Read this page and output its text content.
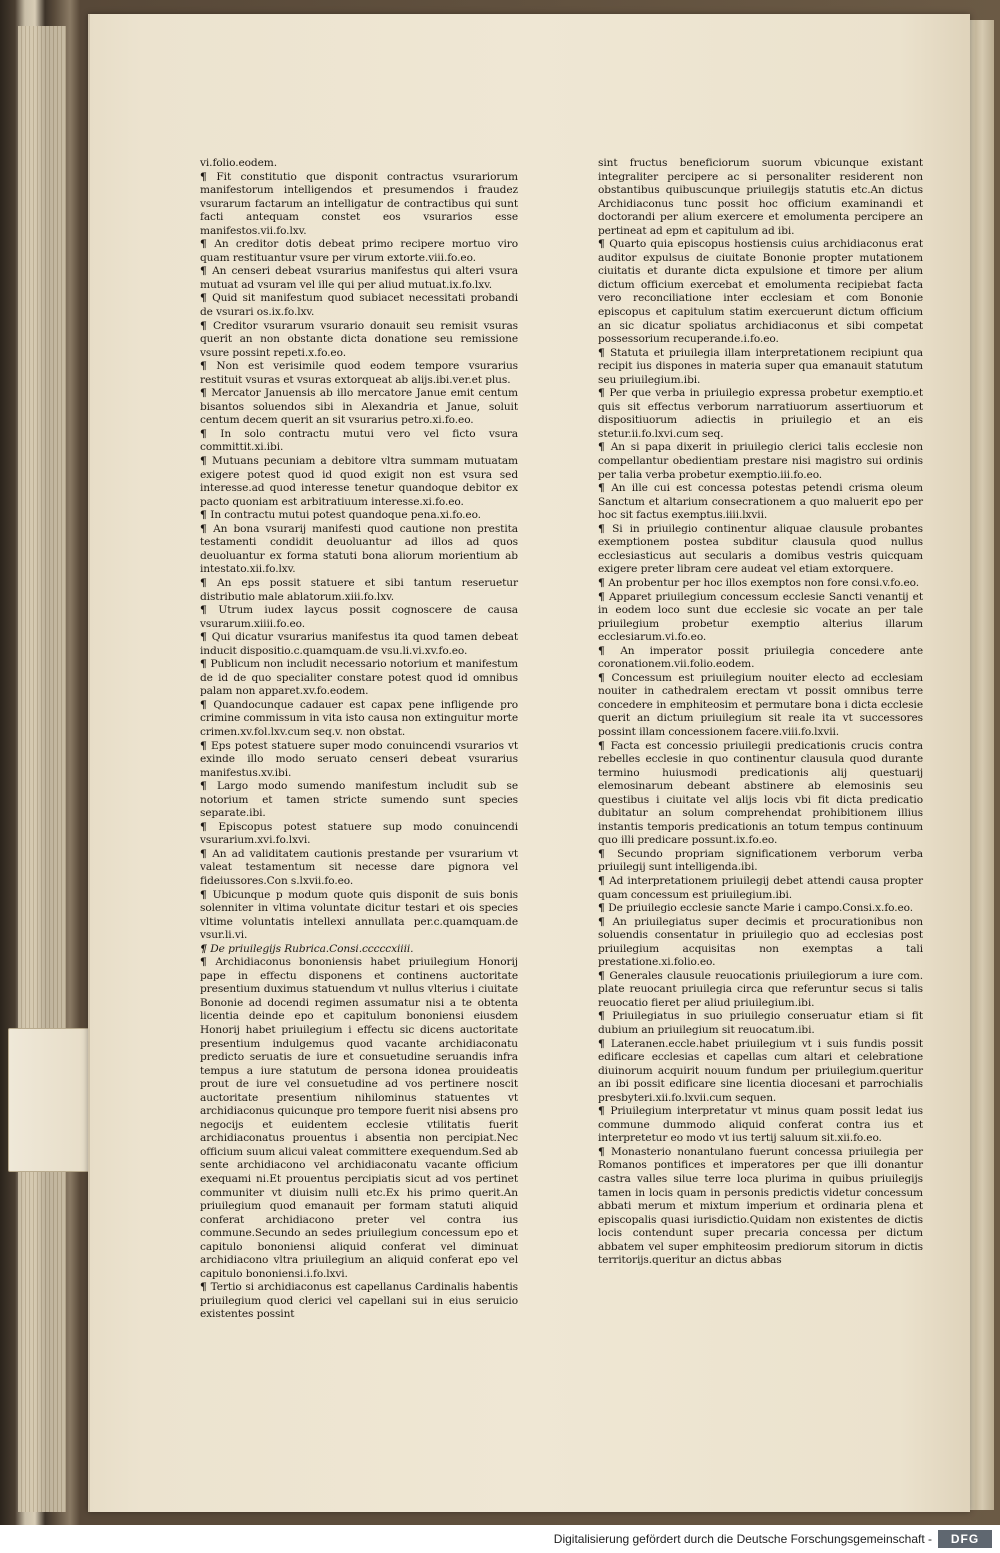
vi.folio.eodem.

¶ Fit constitutio que disponit contractus vsurariorum manifestorum intelligendos et presumendos i fraudez vsurarum factarum an intelligatur de contractibus qui sunt facti antequam constet eos vsurarios esse manifestos.vii.fo.lxv.

¶ An creditor dotis debeat primo recipere mortuo viro quam restituantur vsure per virum extorte.viii.fo.eo.

¶ An censeri debeat vsurarius manifestus qui alteri vsura mutuat ad vsuram vel ille qui per aliud mutuat.ix.fo.lxv.

¶ Quid sit manifestum quod subiacet necessitati probandi de vsurari os.ix.fo.lxv.

¶ Creditor vsurarum vsurario donauit seu remisit vsuras querit an non obstante dicta donatione seu remissione vsure possint repeti.x.fo.eo.

¶ Non est verisimile quod eodem tempore vsurarius restituit vsuras et vsuras extorqueat ab alijs.ibi.ver.et plus.

¶ Mercator Januensis ab illo mercatore Janue emit centum bisantos soluendos sibi in Alexandria et Janue, soluit centum decem querit an sit vsurarius petro.xi.fo.eo.

¶ In solo contractu mutui vero vel ficto vsura committit.xi.ibi.

¶ Mutuans pecuniam a debitore vltra summam mutuatam exigere potest quod id quod exigit non est vsura sed interesse.ad quod interesse tenetur quandoque debitor ex pacto quoniam est arbitratiuum interesse.xi.fo.eo.

¶ In contractu mutui potest quandoque pena.xi.fo.eo.

¶ An bona vsurarij manifesti quod cautione non prestita testamenti condidit deuoluantur ad illos ad quos deuoluantur ex forma statuti bona aliorum morientium ab intestato.xii.fo.lxv.

¶ An eps possit statuere et sibi tantum reseruetur distributio male ablatorum.xiii.fo.lxv.

¶ Utrum iudex laycus possit cognoscere de causa vsurarum.xiiii.fo.eo.

¶ Qui dicatur vsurarius manifestus ita quod tamen debeat inducit dispositio.c.quamquam.de vsu.li.vi.xv.fo.eo.

¶ Publicum non includit necessario notorium et manifestum de id de quo specialiter constare potest quod id omnibus palam non apparet.xv.fo.eodem.

¶ Quandocunque cadauer est capax pene infligende pro crimine commissum in vita isto causa non extinguitur morte crimen.xv.fol.lxv.cum seq.v. non obstat.

¶ Eps potest statuere super modo conuincendi vsurarios vt exinde illo modo seruato censeri debeat vsurarius manifestus.xv.ibi.

¶ Largo modo sumendo manifestum includit sub se notorium et tamen stricte sumendo sunt species separate.ibi.

¶ Episcopus potest statuere sup modo conuincendi vsurarium.xvi.fo.lxvi.

¶ An ad validitatem cautionis prestande per vsurarium vt valeat testamentum sit necesse dare pignora vel fideiussores.Con s.lxvii.fo.eo.

¶ Ubicunque p modum quote quis disponit de suis bonis solenniter in vltima voluntate dicitur testari et ois species vltime voluntatis intellexi annullata per.c.quamquam.de vsur.li.vi.

¶ De priuilegijs Rubrica.Consi.cccccxiiii.

¶ Archidiaconus bononiensis habet priuilegium Honorij pape in effectu disponens et continens auctoritate presentium duximus statuendum vt nullus vlterius i ciuitate Bononie ad docendi regimen assumatur nisi a te obtenta licentia deinde epo et capitulum bononiensi eiusdem Honorij habet priuilegium i effectu sic dicens auctoritate presentium indulgemus quod vacante archidiaconatu predicto seruatis de iure et consuetudine seruandis infra tempus a iure statutum de persona idonea prouideatis prout de iure vel consuetudine ad vos pertinere noscit auctoritate presentium nihilominus statuentes vt archidiaconus quicunque pro tempore fuerit nisi absens pro negocijs et euidentem ecclesie vtilitatis fuerit archidiaconatus prouentus i absentia non percipiat.Nec officium suum alicui valeat committere exequendum.Sed ab sente archidiacono vel archidiaconatu vacante officium exequami ni.Et prouentus percipiatis sicut ad vos pertinet communiter vt diuisim nulli etc.Ex his primo querit.An priuilegium quod emanauit per formam statuti aliquid conferat archidiacono preter vel contra ius commune.Secundo an sedes priuilegium concessum epo et capitulo bononiensi aliquid conferat vel diminuat archidiacono vltra priuilegium an aliquid conferat epo vel capitulo bononiensi.i.fo.lxvi.

¶ Tertio si archidiaconus est capellanus Cardinalis habentis priuilegium quod clerici vel capellani sui in eius seruicio existentes possint

sint fructus beneficiorum suorum vbicunque existant integraliter percipere ac si personaliter residerent non obstantibus quibuscunque priuilegijs statutis etc.An dictus Archidiaconus tunc possit hoc officium examinandi et doctorandi per alium exercere et emolumenta percipere an pertineat ad epm et capitulum ad ibi.

¶ Quarto quia episcopus hostiensis cuius archidiaconus erat auditor expulsus de ciuitate Bononie propter mutationem ciuitatis et durante dicta expulsione et timore per alium dictum officium exercebat et emolumenta recipiebat facta vero reconciliatione inter ecclesiam et com Bononie episcopus et capitulum statim exercuerunt dictum officium an sic dicatur spoliatus archidiaconus et sibi competat possessorium recuperande.i.fo.eo.

¶ Statuta et priuilegia illam interpretationem recipiunt qua recipit ius dispones in materia super qua emanauit statutum seu priuilegium.ibi.

¶ Per que verba in priuilegio expressa probetur exemptio.et quis sit effectus verborum narratiuorum assertiuorum et dispositiuorum adiectis in priuilegio et an eis stetur.ii.fo.lxvi.cum seq.

¶ An si papa dixerit in priuilegio clerici talis ecclesie non compellantur obedientiam prestare nisi magistro sui ordinis per talia verba probetur exemptio.iii.fo.eo.

¶ An ille cui est concessa potestas petendi crisma oleum Sanctum et altarium consecrationem a quo maluerit epo per hoc sit factus exemptus.iiii.lxvii.

¶ Si in priuilegio continentur aliquae clausule probantes exemptionem postea subditur clausula quod nullus ecclesiasticus aut secularis a domibus vestris quicquam exigere preter libram cere audeat vel etiam extorquere.

¶ An probentur per hoc illos exemptos non fore consi.v.fo.eo.

¶ Apparet priuilegium concessum ecclesie Sancti venantij et in eodem loco sunt due ecclesie sic vocate an per tale priuilegium probetur exemptio alterius illarum ecclesiarum.vi.fo.eo.

¶ An imperator possit priuilegia concedere ante coronationem.vii.folio.eodem.

¶ Concessum est priuilegium nouiter electo ad ecclesiam nouiter in cathedralem erectam vt possit omnibus terre concedere in emphiteosim et permutare bona i dicta ecclesie querit an dictum priuilegium sit reale ita vt successores possint illam concessionem facere.viii.fo.lxvii.

¶ Facta est concessio priuilegii predicationis crucis contra rebelles ecclesie in quo continentur clausula quod durante termino huiusmodi predicationis alij questuarij elemosinarum debeant abstinere ab elemosinis seu questibus i ciuitate vel alijs locis vbi fit dicta predicatio dubitatur an solum comprehendat prohibitionem illius instantis temporis predicationis an totum tempus continuum quo illi predicare possunt.ix.fo.eo.

¶ Secundo propriam significationem verborum verba priuilegij sunt intelligenda.ibi.

¶ Ad interpretationem priuilegij debet attendi causa propter quam concessum est priuilegium.ibi.

¶ De priuilegio ecclesie sancte Marie i campo.Consi.x.fo.eo.

¶ An priuilegiatus super decimis et procurationibus non soluendis consentatur in priuilegio quo ad ecclesias post priuilegium acquisitas non exemptas a tali prestatione.xi.folio.eo.

¶ Generales clausule reuocationis priuilegiorum a iure com. plate reuocant priuilegia circa que referuntur secus si talis reuocatio fieret per aliud priuilegium.ibi.

¶ Priuilegiatus in suo priuilegio conseruatur etiam si fit dubium an priuilegium sit reuocatum.ibi.

¶ Lateranen.eccle.habet priuilegium vt i suis fundis possit edificare ecclesias et capellas cum altari et celebratione diuinorum acquirit nouum fundum per priuilegium.queritur an ibi possit edificare sine licentia diocesani et parrochialis presbyteri.xii.fo.lxvii.cum sequen.

¶ Priuilegium interpretatur vt minus quam possit ledat ius commune dummodo aliquid conferat contra ius et interpretetur eo modo vt ius tertij saluum sit.xii.fo.eo.

¶ Monasterio nonantulano fuerunt concessa priuilegia per Romanos pontifices et imperatores per que illi donantur castra valles silue terre loca plurima in quibus priuilegijs tamen in locis quam in personis predictis videtur concessum abbati merum et mixtum imperium et ordinaria plena et episcopalis quasi iurisdictio.Quidam non existentes de dictis locis contendunt super precaria concessa per dictum abbatem vel super emphiteosim prediorum sitorum in dictis territorijs.queritur an dictus abbas

Digitalisierung gefördert durch die Deutsche Forschungsgemeinschaft -	DFG
